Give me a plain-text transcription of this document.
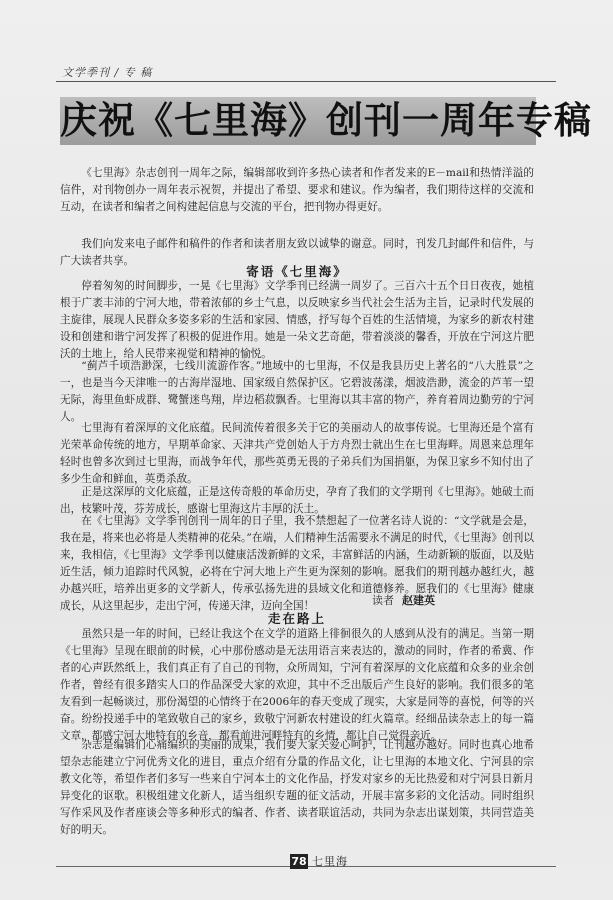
文学季刊 / 专 稿
庆祝《七里海》创刊一周年专稿

《七里海》杂志创刊一周年之际，编辑部收到许多热心读者和作者发来的E－mail和热情洋溢的信件，对刊物创办一周年表示祝贺，并提出了希望、要求和建议。作为编者，我们期待这样的交流和互动，在读者和编者之间构建起信息与交流的平台，把刊物办得更好。

我们向发来电子邮件和稿件的作者和读者朋友致以诚挚的谢意。同时，刊发几封邮件和信件，与广大读者共享。

寄语《七里海》

停着匆匆的时间脚步，一晃《七里海》文学季刊已经满一周岁了。三百六十五个日日夜夜，她植根于广袤丰沛的宁河大地，带着浓郁的乡土气息，以反映家乡当代社会生活为主旨，记录时代发展的主旋律，展现人民群众多姿多彩的生活和家园、情感，抒写每个百姓的生活情境，为家乡的新农村建设和创建和谐宁河发挥了积极的促进作用。她是一朵文艺奇葩，带着淡淡的馨香，开放在宁河这片肥沃的土地上，给人民带来视觉和精神的愉悦。

“蓟芦千顷浩渺深，七线川流游作客。”地域中的七里海，不仅是我县历史上著名的“八大胜景”之一，也是当今天津唯一的古海岸湿地、国家级自然保护区。它碧波荡漾，烟波浩渺，流金的芦苇一望无际，海里鱼虾成群、鹭蟹迷鸟翔，岸边稻菽飘香。七里海以其丰富的物产，养育着周边勤劳的宁河人。

七里海有着深厚的文化底蕴。民间流传着很多关于它的美丽动人的故事传说。七里海还是个富有光荣革命传统的地方，早期革命家、天津共产党创始人于方舟烈士就出生在七里海畔。周恩来总理年轻时也曾多次到过七里海，而战争年代，那些英勇无畏的子弟兵们为国捐躯，为保卫家乡不知付出了多少生命和鲜血，英勇杀敌。

正是这深厚的文化底蕴，正是这传奇般的革命历史，孕育了我们的文学期刊《七里海》。她破土而出，枝繁叶茂，芬芳成长，感谢七里海这片丰厚的沃土。

在《七里海》文学季刊创刊一周年的日子里，我不禁想起了一位著名诗人说的：“文学就是会是，我在是，将来也必将是人类精神的花朵。”在端，人们精神生活需要永不满足的时代，《七里海》创刊以来，我相信，《七里海》文学季刊以健康活泼新鲜的文采，丰富鲜活的内涵，生动新颖的版面，以及贴近生活，倾力追踪时代风貌，必将在宁河大地上产生更为深刻的影响。愿我们的期刊越办越红火，越办越兴旺，培养出更多的文学新人，传承弘扬先进的县域文化和道德修养。愿我们的《七里海》健康成长，从这里起步，走出宁河，传递天津，迈向全国！	读者 赵建英
走在路上

虽然只是一年的时间，已经让我这个在文学的道路上徘徊很久的人感到从没有的满足。当第一期《七里海》呈现在眼前的时候，心中那份感动是无法用语言来表达的，激动的同时，作者的希冀、作者的心声跃然纸上，我们真正有了自己的刊物，众所周知，宁河有着深厚的文化底蕴和众多的业余创作者，曾经有很多踏实人口的作品深受大家的欢迎，其中不乏出版后产生良好的影响。我们很多的笔友看到一起畅谈过，那份渴望的心情终于在2006年的春天变成了现实，大家是同等的喜悦，何等的兴奋。纷纷投递手中的笔致敬自己的家乡，致敬宁河新农村建设的红火篇章。经细品读杂志上的每一篇文章，都感宁河大地特有的乡音，都看前进河畔特有的乡情，都让自己觉得亲近。

杂志是编辑们心痛编织的美丽的成果，我们要大家关爱心呵护，让刊越办越好。同时也真心地希望杂志能建立宁河优秀文化的进目，重点介绍有分量的作品文化，让七里海的本地文化、宁河县的宗教文化等，希望作者们多写一些来自宁河本土的文化作品，抒发对家乡的无比热爱和对宁河县日新月异变化的讴歌。积极组建文化新人，适当组织专题的征文活动，开展丰富多彩的文化活动。同时组织写作采风及作者座谈会等多种形式的编者、作者、读者联谊活动，共同为杂志出谋划策，共同营造美好的明天。

78 七里海
